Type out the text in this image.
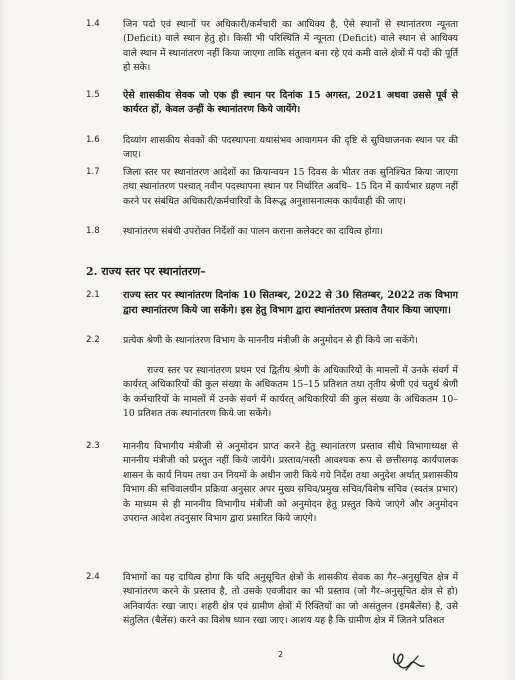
1.4	जिन पदो एवं स्थानों पर अधिकारी/कर्मचारी का आधिक्य है, ऐसे स्थानों से स्थानांतरण न्यूनता (Deficit) वाले स्थान हेतु हो। किसी भी परिस्थिति में न्यूनता (Deficit) वाले स्थान से आधिक्य वाले स्थान में स्थानांतरण नहीं किया जाएगा ताकि संतुलन बना रहे एवं कमी वाले क्षेत्रों में पदों की पूर्ति हो सके।

1.5 ऐसे शासकीय सेवक जो एक ही स्थान पर दिनांक 15 अगस्त, 2021 अथवा उससे पूर्व से कार्यरत हों, केवल उन्हीं के स्थानांतरण किये जायेंगे।

1.6	दिव्यांग शासकीय सेवकों की पदस्थापना यथासंभव आवागमन की दृष्टि से सुविधाजनक स्थान पर की जाए।

1.7	जिला स्तर पर स्थानांतरण आदेशों का क्रियान्वयन 15 दिवस के भीतर तक सुनिश्चित किया जाएगा तथा स्थानांतरण पश्चात् नवीन पदस्थापना स्थान पर निर्धारित अवधि– 15 दिन में कार्यभार ग्रहण नहीं करने पर संबंधित अधिकारी/कर्मचारियों के विरूद्ध अनुशासनात्मक कार्यवाही की जाए।

1.8	स्थानांतरण संबंधी उपरोक्त निर्देशों का पालन कराना कलेक्टर का दायित्व होगा।

2. राज्य स्तर पर स्थानांतरण–
2.1 राज्य स्तर पर स्थानांतरण दिनांक 10 सितम्बर, 2022 से 30 सितम्बर, 2022 तक विभाग द्वारा स्थानांतरण किये जा सकेंगे। इस हेतु विभाग द्वारा स्थानांतरण प्रस्ताव तैयार किया जाएगा।

2.2	प्रत्येक श्रेणी के स्थानांतरण विभाग के माननीय मंत्रीजी के अनुमोदन से ही किये जा सकेंगे।

राज्य स्तर पर स्थानांतरण प्रथम एवं द्वितीय श्रेणी के अधिकारियों के मामलों में उनके संवर्ग में कार्यरत् अधिकारियों की कुल संख्या के अधिकतम 15–15 प्रतिशत तथा तृतीय श्रेणी एवं चतुर्थ श्रेणी के कर्मचारियों के मामलों में उनके संवर्ग में कार्यरत् अधिकारियों की कुल संख्या के अधिकतम 10–10 प्रतिशत तक स्थानांतरण किये जा सकेंगे।

2.3	माननीय विभागीय मंत्रीजी से अनुमोदन प्राप्त करने हेतु स्थानांतरण प्रस्ताव सीधे विभागाध्यक्ष से माननीय मंत्रीजी को प्रस्तुत नहीं किये जायेंगे। प्रस्ताव/नस्ती आवश्यक रूप से छत्तीसगढ़ कार्यपालक शासन के कार्य नियम तथा उन नियमों के अधीन जारी किये गये निर्देश तथा अनुदेश अर्थात् प्रशासकीय विभाग की सचिवालयीन प्रक्रिया अनुसार अपर मुख्य सचिव/प्रमुख सचिव/विशेष सचिव (स्वतंत्र प्रभार) के माध्यम से ही माननीय विभागीय मंत्रीजी को अनुमोदन हेतु प्रस्तुत किये जाएंगे और अनुमोदन उपरान्त आदेश तदनुसार विभाग द्वारा प्रसारित किये जाएंगे।

2.4	विभागों का यह दायित्व होगा कि यदि अनुसूचित क्षेत्रों के शासकीय सेवक का गैर–अनुसूचित क्षेत्र में स्थानांतरण करने के प्रस्ताव है, तो उसके एवजीदार का भी प्रस्ताव (जो गैर–अनुसूचित क्षेत्र से हो) अनिवार्यतः रखा जाए। शहरी क्षेत्र एवं ग्रामीण क्षेत्रों में रिक्तियों का जो असंतुलन (इमबैलेंस) है, उसे संतुलित (बैलेंस) करने का विशेष ध्यान रखा जाए। आशय यह है कि ग्रामीण क्षेत्र में जितने प्रतिशत

2
